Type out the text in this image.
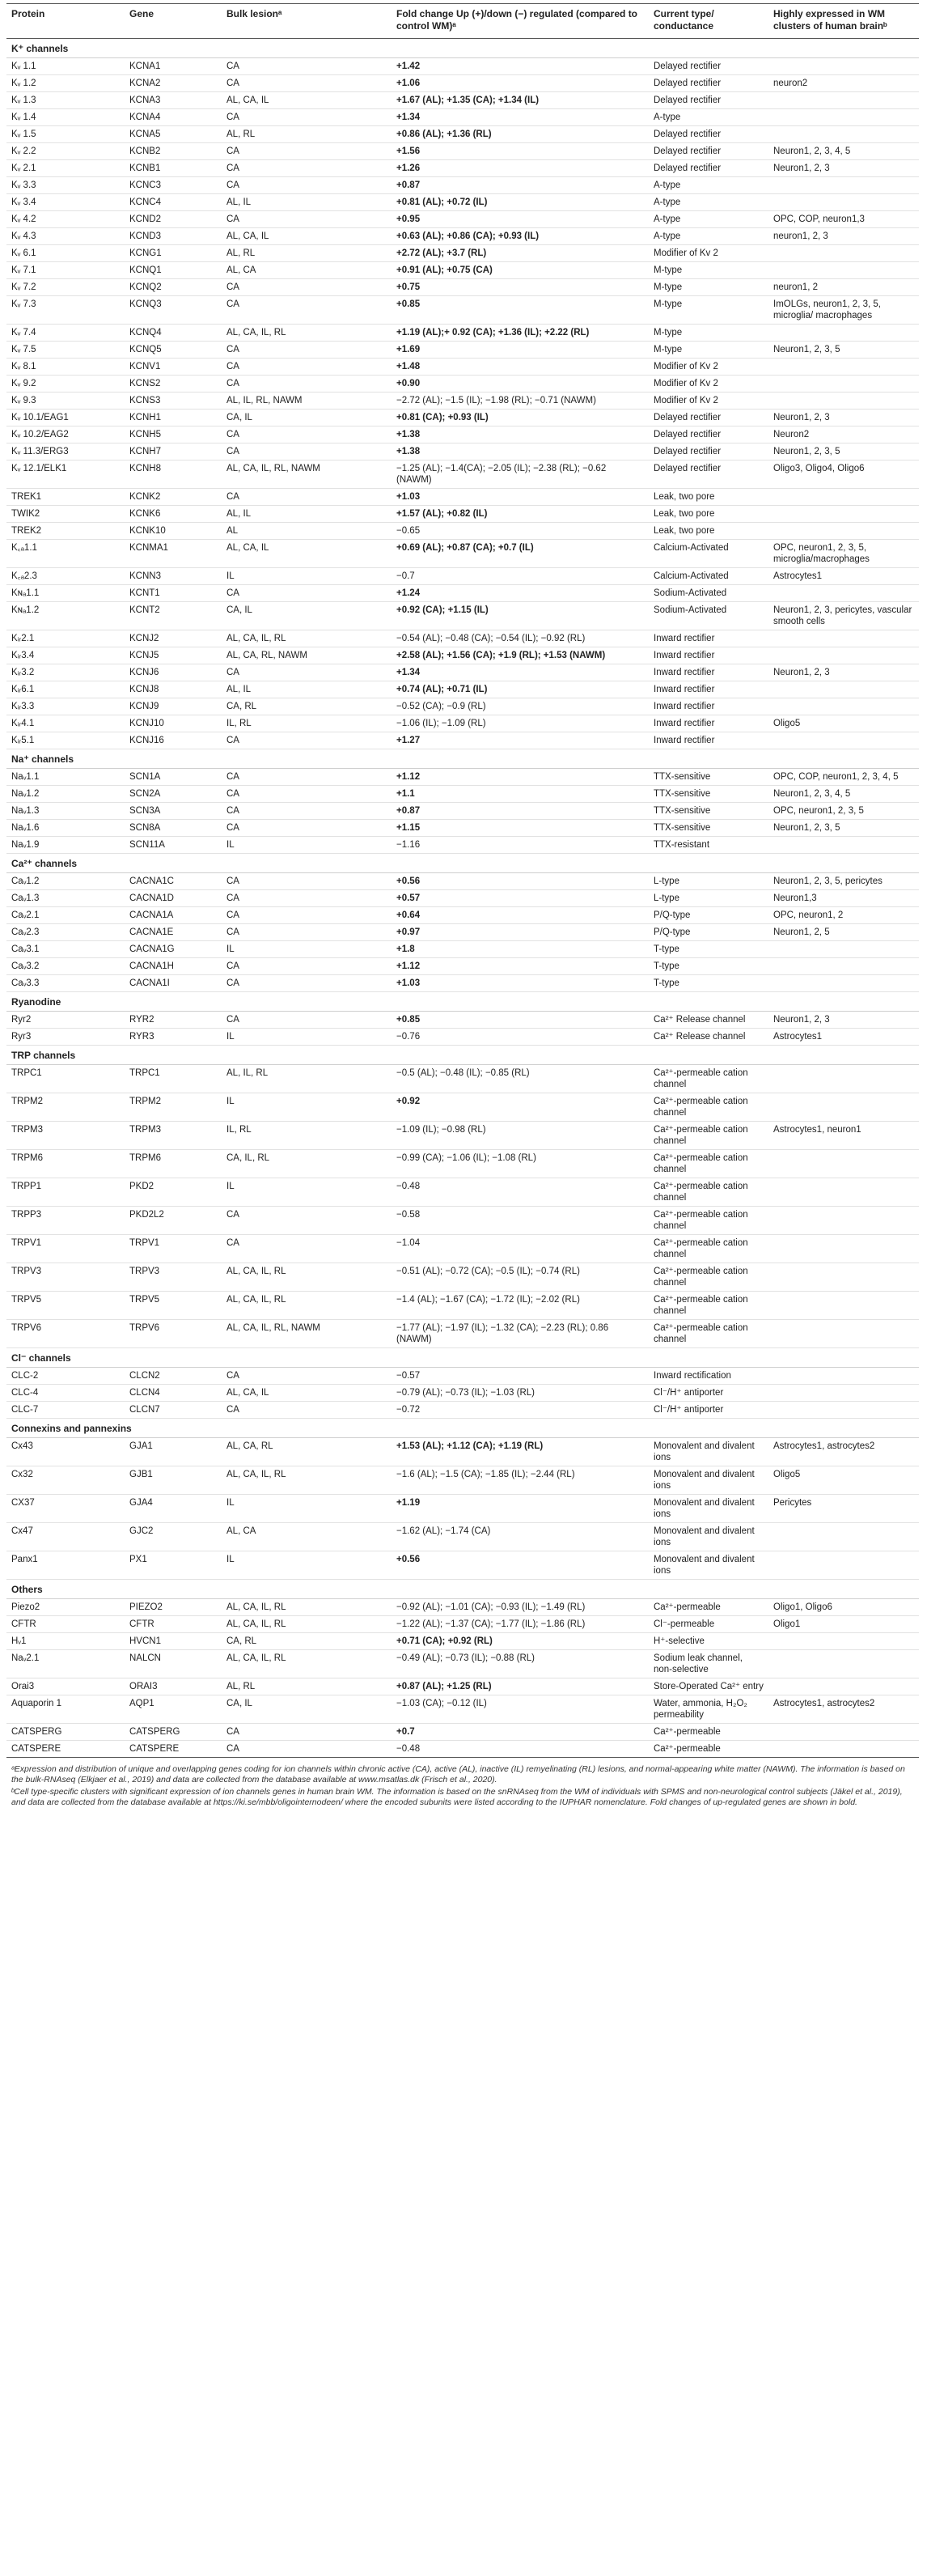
Protein	Gene	Bulk lesionᵃ	Fold change Up (+)/down (−) regulated (compared to control WM)ᵃ	Current type/ conductance	Highly expressed in WM clusters of human brainᵇ
K⁺ channels					
Kᵥ 1.1	KCNA1	CA	+1.42	Delayed rectifier	
Kᵥ 1.2	KCNA2	CA	+1.06	Delayed rectifier	neuron2
Kᵥ 1.3	KCNA3	AL, CA, IL	+1.67 (AL); +1.35 (CA); +1.34 (IL)	Delayed rectifier	
Kᵥ 1.4	KCNA4	CA	+1.34	A-type	
Kᵥ 1.5	KCNA5	AL, RL	+0.86 (AL); +1.36 (RL)	Delayed rectifier	
Kᵥ 2.2	KCNB2	CA	+1.56	Delayed rectifier	Neuron1, 2, 3, 4, 5
Kᵥ 2.1	KCNB1	CA	+1.26	Delayed rectifier	Neuron1, 2, 3
Kᵥ 3.3	KCNC3	CA	+0.87	A-type	
Kᵥ 3.4	KCNC4	AL, IL	+0.81 (AL); +0.72 (IL)	A-type	
Kᵥ 4.2	KCND2	CA	+0.95	A-type	OPC, COP, neuron1,3
Kᵥ 4.3	KCND3	AL, CA, IL	+0.63 (AL); +0.86 (CA); +0.93 (IL)	A-type	neuron1, 2, 3
Kᵥ 6.1	KCNG1	AL, RL	+2.72 (AL); +3.7 (RL)	Modifier of Kv 2	
Kᵥ 7.1	KCNQ1	AL, CA	+0.91 (AL); +0.75 (CA)	M-type	
Kᵥ 7.2	KCNQ2	CA	+0.75	M-type	neuron1, 2
Kᵥ 7.3	KCNQ3	CA	+0.85	M-type	ImOLGs, neuron1, 2, 3, 5, microglia/ macrophages
Kᵥ 7.4	KCNQ4	AL, CA, IL, RL	+1.19 (AL);+ 0.92 (CA); +1.36 (IL); +2.22 (RL)	M-type	
Kᵥ 7.5	KCNQ5	CA	+1.69	M-type	Neuron1, 2, 3, 5
Kᵥ 8.1	KCNV1	CA	+1.48	Modifier of Kv 2	
Kᵥ 9.2	KCNS2	CA	+0.90	Modifier of Kv 2	
Kᵥ 9.3	KCNS3	AL, IL, RL, NAWM	−2.72 (AL); −1.5 (IL); −1.98 (RL); −0.71 (NAWM)	Modifier of Kv 2	
Kᵥ 10.1/EAG1	KCNH1	CA, IL	+0.81 (CA); +0.93 (IL)	Delayed rectifier	Neuron1, 2, 3
Kᵥ 10.2/EAG2	KCNH5	CA	+1.38	Delayed rectifier	Neuron2
Kᵥ 11.3/ERG3	KCNH7	CA	+1.38	Delayed rectifier	Neuron1, 2, 3, 5
Kᵥ 12.1/ELK1	KCNH8	AL, CA, IL, RL, NAWM	−1.25 (AL); −1.4(CA); −2.05 (IL); −2.38 (RL); −0.62 (NAWM)	Delayed rectifier	Oligo3, Oligo4, Oligo6
TREK1	KCNK2	CA	+1.03	Leak, two pore	
TWIK2	KCNK6	AL, IL	+1.57 (AL); +0.82 (IL)	Leak, two pore	
TREK2	KCNK10	AL	−0.65	Leak, two pore	
K꜀ₐ1.1	KCNMA1	AL, CA, IL	+0.69 (AL); +0.87 (CA); +0.7 (IL)	Calcium-Activated	OPC, neuron1, 2, 3, 5, microglia/macrophages
K꜀ₐ2.3	KCNN3	IL	−0.7	Calcium-Activated	Astrocytes1
Kɴₐ1.1	KCNT1	CA	+1.24	Sodium-Activated	
Kɴₐ1.2	KCNT2	CA, IL	+0.92 (CA); +1.15 (IL)	Sodium-Activated	Neuron1, 2, 3, pericytes, vascular smooth cells
Kᵢᵣ2.1	KCNJ2	AL, CA, IL, RL	−0.54 (AL); −0.48 (CA); −0.54 (IL); −0.92 (RL)	Inward rectifier	
Kᵢᵣ3.4	KCNJ5	AL, CA, RL, NAWM	+2.58 (AL); +1.56 (CA); +1.9 (RL); +1.53 (NAWM)	Inward rectifier	
Kᵢᵣ3.2	KCNJ6	CA	+1.34	Inward rectifier	Neuron1, 2, 3
Kᵢᵣ6.1	KCNJ8	AL, IL	+0.74 (AL); +0.71 (IL)	Inward rectifier	
Kᵢᵣ3.3	KCNJ9	CA, RL	−0.52 (CA); −0.9 (RL)	Inward rectifier	
Kᵢᵣ4.1	KCNJ10	IL, RL	−1.06 (IL); −1.09 (RL)	Inward rectifier	Oligo5
Kᵢᵣ5.1	KCNJ16	CA	+1.27	Inward rectifier	
Na⁺ channels					
Naᵥ1.1	SCN1A	CA	+1.12	TTX-sensitive	OPC, COP, neuron1, 2, 3, 4, 5
Naᵥ1.2	SCN2A	CA	+1.1	TTX-sensitive	Neuron1, 2, 3, 4, 5
Naᵥ1.3	SCN3A	CA	+0.87	TTX-sensitive	OPC, neuron1, 2, 3, 5
Naᵥ1.6	SCN8A	CA	+1.15	TTX-sensitive	Neuron1, 2, 3, 5
Naᵥ1.9	SCN11A	IL	−1.16	TTX-resistant	
Ca²⁺ channels					
Caᵥ1.2	CACNA1C	CA	+0.56	L-type	Neuron1, 2, 3, 5, pericytes
Caᵥ1.3	CACNA1D	CA	+0.57	L-type	Neuron1,3
Caᵥ2.1	CACNA1A	CA	+0.64	P/Q-type	OPC, neuron1, 2
Caᵥ2.3	CACNA1E	CA	+0.97	P/Q-type	Neuron1, 2, 5
Caᵥ3.1	CACNA1G	IL	+1.8	T-type	
Caᵥ3.2	CACNA1H	CA	+1.12	T-type	
Caᵥ3.3	CACNA1I	CA	+1.03	T-type	
Ryanodine					
Ryr2	RYR2	CA	+0.85	Ca²⁺ Release channel	Neuron1, 2, 3
Ryr3	RYR3	IL	−0.76	Ca²⁺ Release channel	Astrocytes1
TRP channels					
TRPC1	TRPC1	AL, IL, RL	−0.5 (AL); −0.48 (IL); −0.85 (RL)	Ca²⁺-permeable cation channel	
TRPM2	TRPM2	IL	+0.92	Ca²⁺-permeable cation channel	
TRPM3	TRPM3	IL, RL	−1.09 (IL); −0.98 (RL)	Ca²⁺-permeable cation channel	Astrocytes1, neuron1
TRPM6	TRPM6	CA, IL, RL	−0.99 (CA); −1.06 (IL); −1.08 (RL)	Ca²⁺-permeable cation channel	
TRPP1	PKD2	IL	−0.48	Ca²⁺-permeable cation channel	
TRPP3	PKD2L2	CA	−0.58	Ca²⁺-permeable cation channel	
TRPV1	TRPV1	CA	−1.04	Ca²⁺-permeable cation channel	
TRPV3	TRPV3	AL, CA, IL, RL	−0.51 (AL); −0.72 (CA); −0.5 (IL); −0.74 (RL)	Ca²⁺-permeable cation channel	
TRPV5	TRPV5	AL, CA, IL, RL	−1.4 (AL); −1.67 (CA); −1.72 (IL); −2.02 (RL)	Ca²⁺-permeable cation channel	
TRPV6	TRPV6	AL, CA, IL, RL, NAWM	−1.77 (AL); −1.97 (IL); −1.32 (CA); −2.23 (RL); 0.86 (NAWM)	Ca²⁺-permeable cation channel	
Cl⁻ channels					
CLC-2	CLCN2	CA	−0.57	Inward rectification	
CLC-4	CLCN4	AL, CA, IL	−0.79 (AL); −0.73 (IL); −1.03 (RL)	Cl⁻/H⁺ antiporter	
CLC-7	CLCN7	CA	−0.72	Cl⁻/H⁺ antiporter	
Connexins and pannexins					
Cx43	GJA1	AL, CA, RL	+1.53 (AL); +1.12 (CA); +1.19 (RL)	Monovalent and divalent ions	Astrocytes1, astrocytes2
Cx32	GJB1	AL, CA, IL, RL	−1.6 (AL); −1.5 (CA); −1.85 (IL); −2.44 (RL)	Monovalent and divalent ions	Oligo5
CX37	GJA4	IL	+1.19	Monovalent and divalent ions	Pericytes
Cx47	GJC2	AL, CA	−1.62 (AL); −1.74 (CA)	Monovalent and divalent ions	
Panx1	PX1	IL	+0.56	Monovalent and divalent ions	
Others					
Piezo2	PIEZO2	AL, CA, IL, RL	−0.92 (AL); −1.01 (CA); −0.93 (IL); −1.49 (RL)	Ca²⁺-permeable	Oligo1, Oligo6
CFTR	CFTR	AL, CA, IL, RL	−1.22 (AL); −1.37 (CA); −1.77 (IL); −1.86 (RL)	Cl⁻-permeable	Oligo1
Hᵥ1	HVCN1	CA, RL	+0.71 (CA); +0.92 (RL)	H⁺-selective	
Naᵥ2.1	NALCN	AL, CA, IL, RL	−0.49 (AL); −0.73 (IL); −0.88 (RL)	Sodium leak channel, non-selective	
Orai3	ORAI3	AL, RL	+0.87 (AL); +1.25 (RL)	Store-Operated Ca²⁺ entry	
Aquaporin 1	AQP1	CA, IL	−1.03 (CA); −0.12 (IL)	Water, ammonia, H₂O₂ permeability	Astrocytes1, astrocytes2
CATSPERG	CATSPERG	CA	+0.7	Ca²⁺-permeable	
CATSPERE	CATSPERE	CA	−0.48	Ca²⁺-permeable	

ᵃExpression and distribution of unique and overlapping genes coding for ion channels within chronic active (CA), active (AL), inactive (IL) remyelinating (RL) lesions, and normal-appearing white matter (NAWM). The information is based on the bulk-RNAseq (Elkjaer et al., 2019) and data are collected from the database available at www.msatlas.dk (Frisch et al., 2020).

ᵇCell type-specific clusters with significant expression of ion channels genes in human brain WM. The information is based on the snRNAseq from the WM of individuals with SPMS and non-neurological control subjects (Jäkel et al., 2019), and data are collected from the database available at https://ki.se/mbb/oligointernodeen/ where the encoded subunits were listed according to the IUPHAR nomenclature. Fold changes of up-regulated genes are shown in bold.
